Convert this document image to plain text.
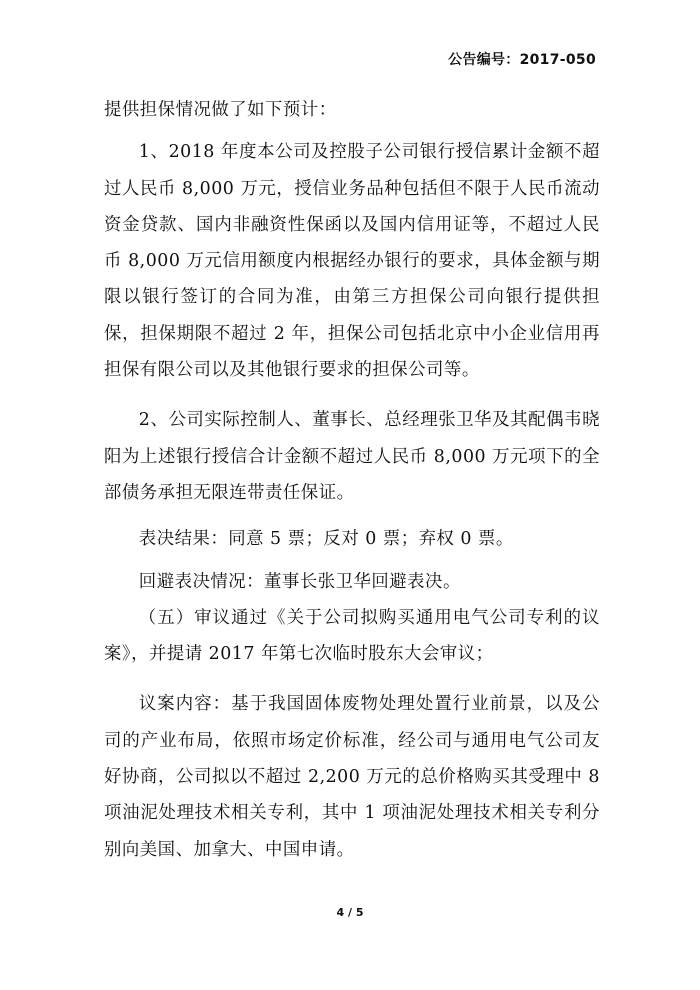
公告编号：2017-050

提供担保情况做了如下预计：

1、2018 年度本公司及控股子公司银行授信累计金额不超过人民币 8,000 万元，授信业务品种包括但不限于人民币流动资金贷款、国内非融资性保函以及国内信用证等，不超过人民币 8,000 万元信用额度内根据经办银行的要求，具体金额与期限以银行签订的合同为准，由第三方担保公司向银行提供担保，担保期限不超过 2 年，担保公司包括北京中小企业信用再担保有限公司以及其他银行要求的担保公司等。

2、公司实际控制人、董事长、总经理张卫华及其配偶韦晓阳为上述银行授信合计金额不超过人民币 8,000 万元项下的全部债务承担无限连带责任保证。

表决结果：同意 5 票；反对 0 票；弃权 0 票。

回避表决情况：董事长张卫华回避表决。

（五）审议通过《关于公司拟购买通用电气公司专利的议案》，并提请 2017 年第七次临时股东大会审议；

议案内容：基于我国固体废物处理处置行业前景，以及公司的产业布局，依照市场定价标准，经公司与通用电气公司友好协商，公司拟以不超过 2,200 万元的总价格购买其受理中 8 项油泥处理技术相关专利，其中 1 项油泥处理技术相关专利分别向美国、加拿大、中国申请。

4 / 5
